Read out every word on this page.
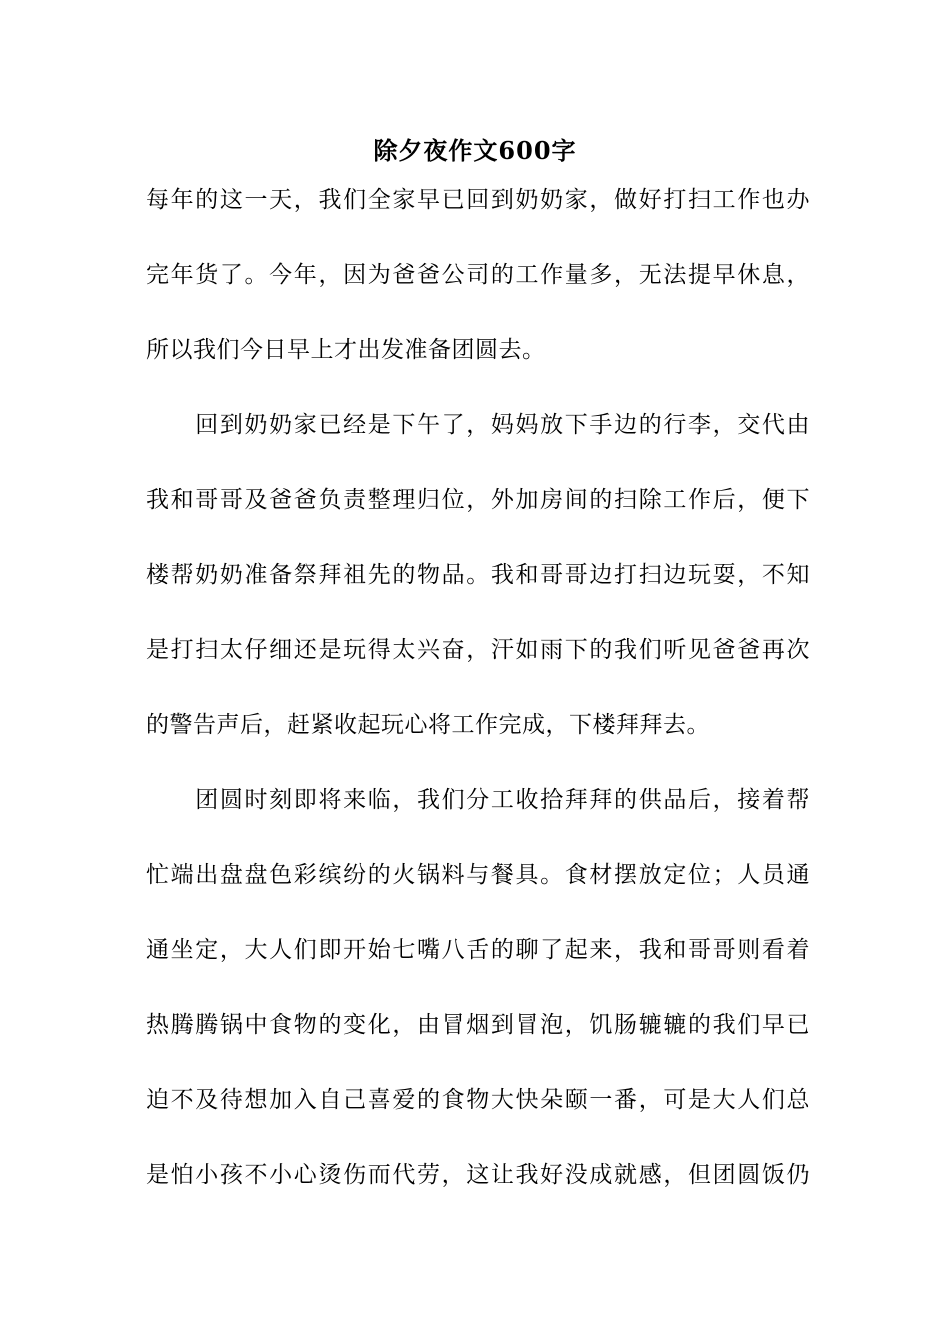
除夕夜作文600字
每年的这一天，我们全家早已回到奶奶家，做好打扫工作也办
完年货了。今年，因为爸爸公司的工作量多，无法提早休息，
所以我们今日早上才出发准备团圆去。
　　回到奶奶家已经是下午了，妈妈放下手边的行李，交代由
我和哥哥及爸爸负责整理归位，外加房间的扫除工作后，便下
楼帮奶奶准备祭拜祖先的物品。我和哥哥边打扫边玩耍，不知
是打扫太仔细还是玩得太兴奋，汗如雨下的我们听见爸爸再次
的警告声后，赶紧收起玩心将工作完成，下楼拜拜去。
　　团圆时刻即将来临，我们分工收拾拜拜的供品后，接着帮
忙端出盘盘色彩缤纷的火锅料与餐具。食材摆放定位；人员通
通坐定，大人们即开始七嘴八舌的聊了起来，我和哥哥则看着
热腾腾锅中食物的变化，由冒烟到冒泡，饥肠辘辘的我们早已
迫不及待想加入自己喜爱的食物大快朵颐一番，可是大人们总
是怕小孩不小心烫伤而代劳，这让我好没成就感，但团圆饭仍
